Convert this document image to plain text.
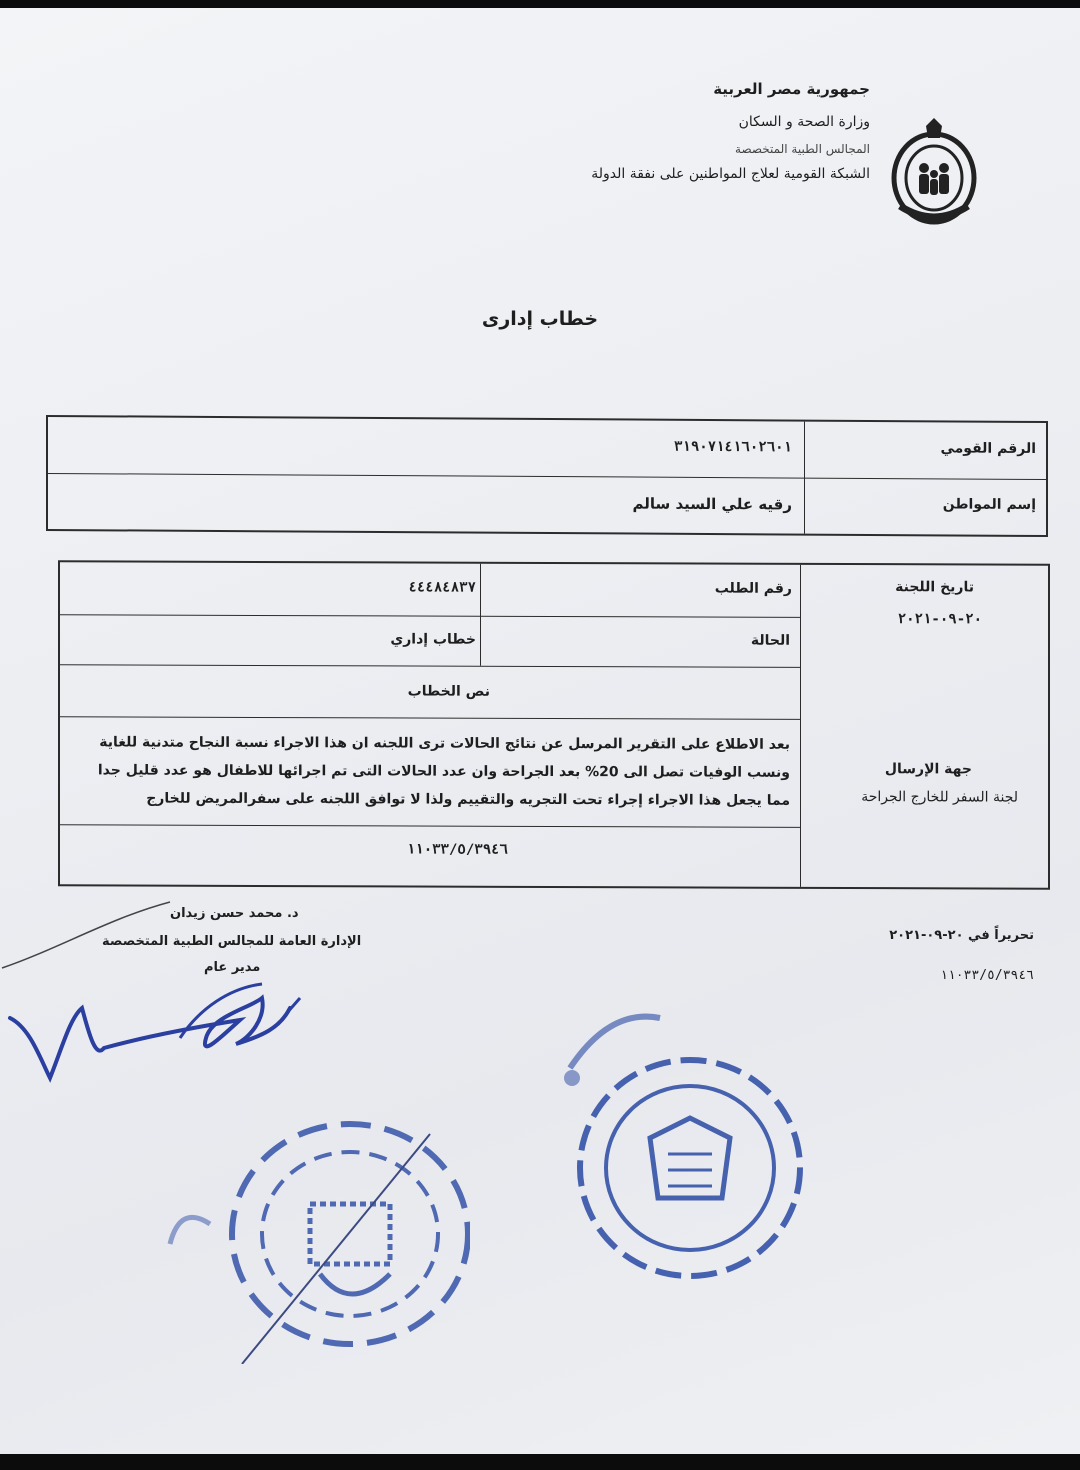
جمهورية مصر العربية
وزارة الصحة و السكان
المجالس الطبية المتخصصة
الشبكة القومية لعلاج المواطنين على نفقة الدولة
خطاب إدارى
الرقم القومي
٣١٩٠٧١٤١٦٠٢٦٠١
إسم المواطن
رقيه علي السيد سالم
تاريخ اللجنة
٢٠-٠٩-٢٠٢١
جهة الإرسال
لجنة السفر للخارج الجراحة
رقم الطلب
٤٤٤٨٤٨٣٧
الحالة
خطاب إداري
نص الخطاب
بعد الاطلاع على التقرير المرسل عن نتائج الحالات ترى اللجنه ان هذا الاجراء نسبة النجاح متدنية للغاية
ونسب الوفيات تصل الى 20% بعد الجراحة وان عدد الحالات التى تم اجرائها للاطفال هو عدد قليل جدا
مما يجعل هذا الاجراء إجراء تحت التجريه والتقييم ولذا لا توافق اللجنه على سفرالمريض للخارج
١١٠٣٣/٥/٣٩٤٦
تحريراً في ٢٠-٠٩-٢٠٢١
١١٠٣٣/٥/٣٩٤٦
د. محمد حسن زيدان
الإدارة العامة للمجالس الطبية المتخصصة
مدير عام
